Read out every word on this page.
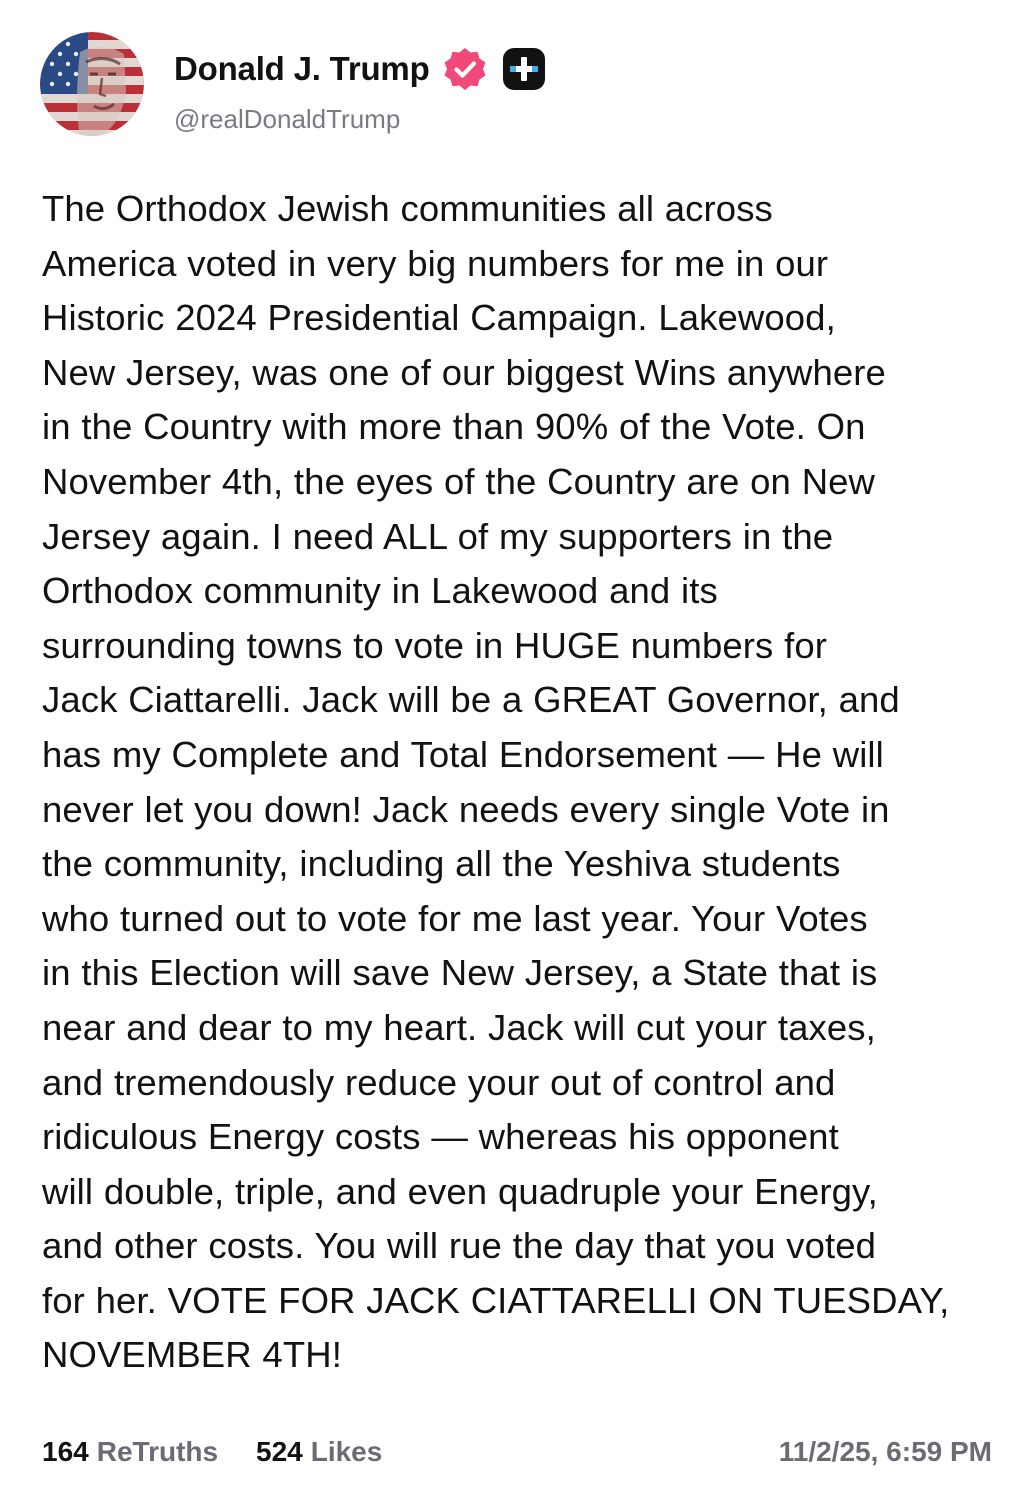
Donald J. Trump
@realDonaldTrump
The Orthodox Jewish communities all across
America voted in very big numbers for me in our
Historic 2024 Presidential Campaign. Lakewood,
New Jersey, was one of our biggest Wins anywhere
in the Country with more than 90% of the Vote. On
November 4th, the eyes of the Country are on New
Jersey again. I need ALL of my supporters in the
Orthodox community in Lakewood and its
surrounding towns to vote in HUGE numbers for
Jack Ciattarelli. Jack will be a GREAT Governor, and
has my Complete and Total Endorsement — He will
never let you down! Jack needs every single Vote in
the community, including all the Yeshiva students
who turned out to vote for me last year. Your Votes
in this Election will save New Jersey, a State that is
near and dear to my heart. Jack will cut your taxes,
and tremendously reduce your out of control and
ridiculous Energy costs — whereas his opponent
will double, triple, and even quadruple your Energy,
and other costs. You will rue the day that you voted
for her. VOTE FOR JACK CIATTARELLI ON TUESDAY,
NOVEMBER 4TH!
164 ReTruths 524 Likes	11/2/25, 6:59 PM
